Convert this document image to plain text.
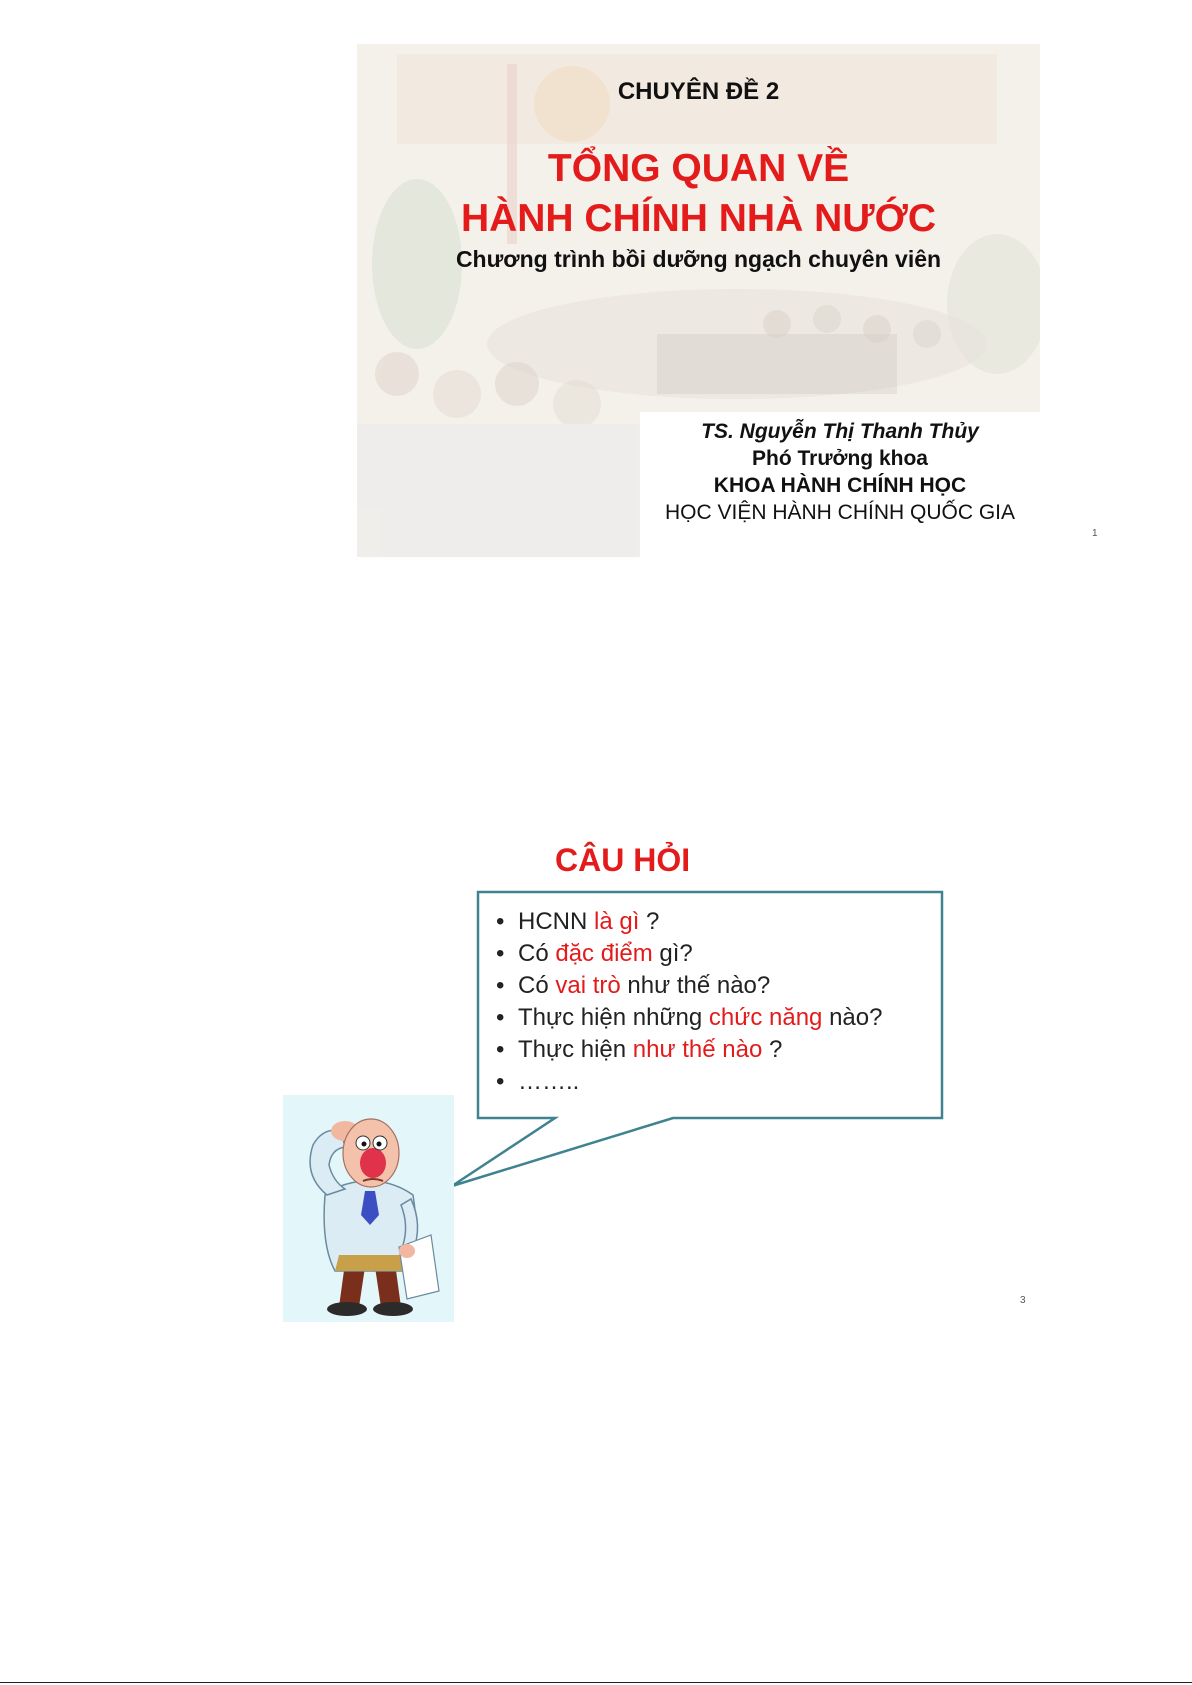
CHUYÊN ĐỀ 2
TỔNG QUAN VỀ
HÀNH CHÍNH NHÀ NƯỚC
Chương trình bồi dưỡng ngạch chuyên viên
TS. Nguyễn Thị Thanh Thủy
Phó Trưởng khoa
KHOA HÀNH CHÍNH HỌC
HỌC VIỆN HÀNH CHÍNH QUỐC GIA
1
CÂU HỎI
• HCNN là gì ?
• Có đặc điểm gì?
• Có vai trò như thế nào?
• Thực hiện những chức năng nào?
• Thực hiện như thế nào ?
• ……..
3
